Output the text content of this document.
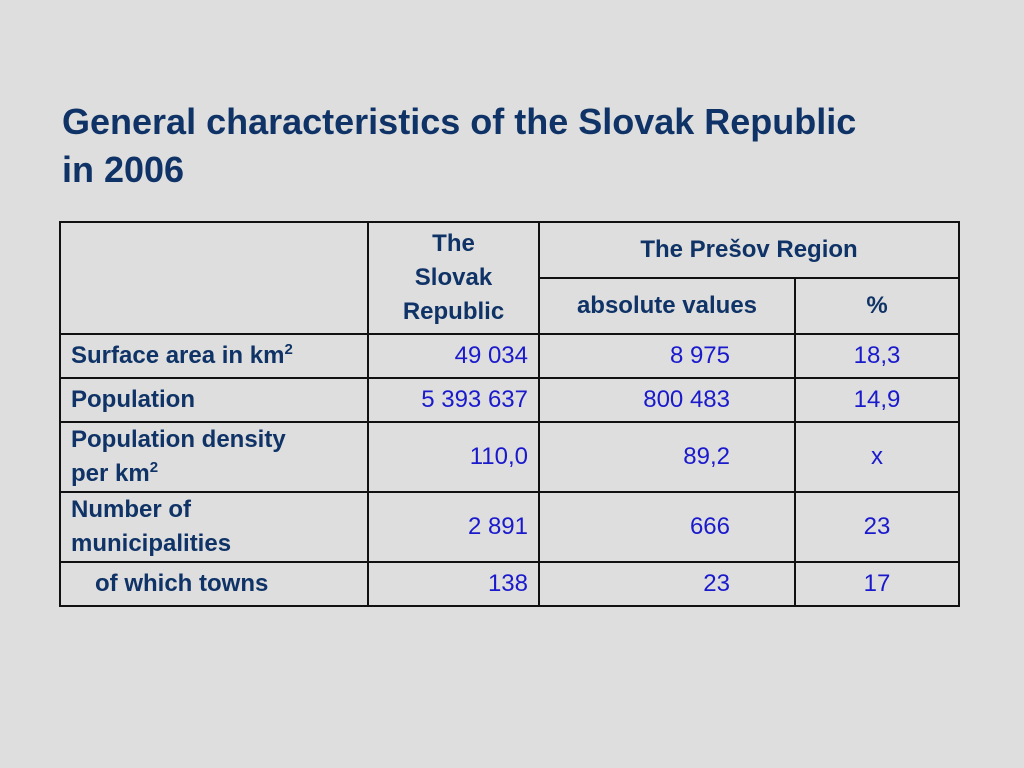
General characteristics of the Slovak Republic
in 2006
	The
Slovak
Republic	The Prešov Region	
		absolute values	%
Surface area in $km^2$	49 034	8 975	18,3
Population	5 393 637	800 483	14,9
Population density
per $km^2$	110,0	89,2	x
Number of
municipalities	2 891	666	23
of which towns	138	23	17
